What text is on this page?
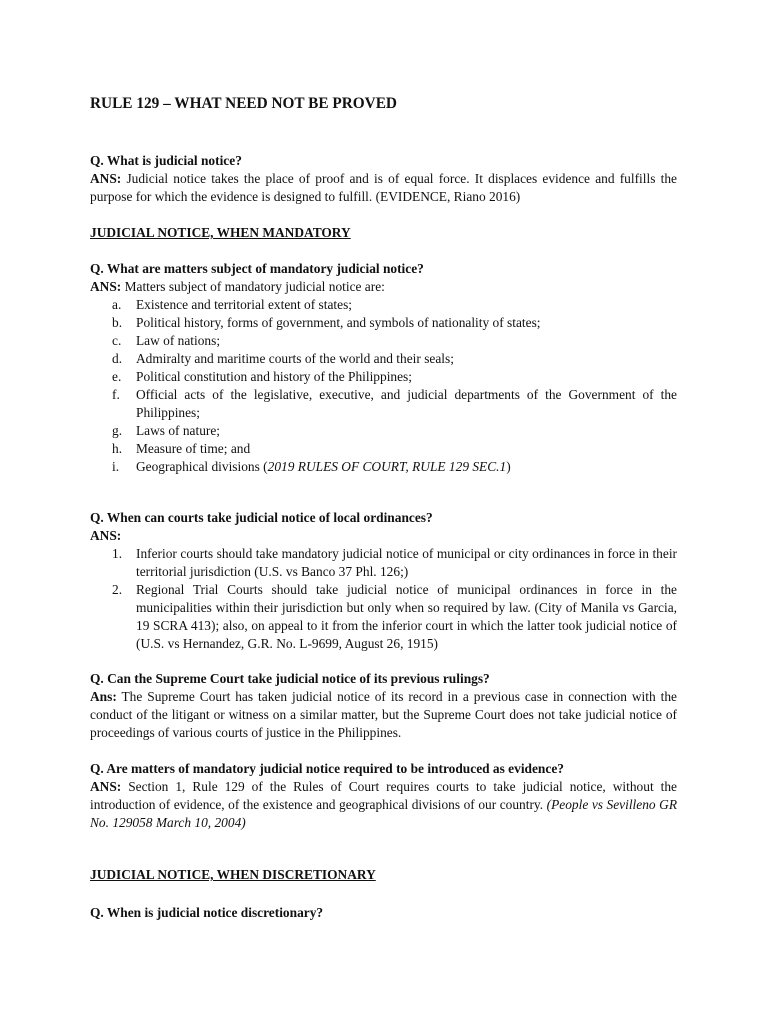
RULE 129 – WHAT NEED NOT BE PROVED
Q. What is judicial notice?
ANS: Judicial notice takes the place of proof and is of equal force. It displaces evidence and fulfills the purpose for which the evidence is designed to fulfill. (EVIDENCE, Riano 2016)
JUDICIAL NOTICE, WHEN MANDATORY
Q. What are matters subject of mandatory judicial notice?
ANS: Matters subject of mandatory judicial notice are:
a. Existence and territorial extent of states;
b. Political history, forms of government, and symbols of nationality of states;
c. Law of nations;
d. Admiralty and maritime courts of the world and their seals;
e. Political constitution and history of the Philippines;
f. Official acts of the legislative, executive, and judicial departments of the Government of the Philippines;
g. Laws of nature;
h. Measure of time; and
i. Geographical divisions (2019 RULES OF COURT, RULE 129 SEC.1)
Q. When can courts take judicial notice of local ordinances?
ANS:
1. Inferior courts should take mandatory judicial notice of municipal or city ordinances in force in their territorial jurisdiction (U.S. vs Banco 37 Phl. 126;)
2. Regional Trial Courts should take judicial notice of municipal ordinances in force in the municipalities within their jurisdiction but only when so required by law. (City of Manila vs Garcia, 19 SCRA 413); also, on appeal to it from the inferior court in which the latter took judicial notice of (U.S. vs Hernandez, G.R. No. L-9699, August 26, 1915)
Q. Can the Supreme Court take judicial notice of its previous rulings?
Ans: The Supreme Court has taken judicial notice of its record in a previous case in connection with the conduct of the litigant or witness on a similar matter, but the Supreme Court does not take judicial notice of proceedings of various courts of justice in the Philippines.
Q. Are matters of mandatory judicial notice required to be introduced as evidence?
ANS: Section 1, Rule 129 of the Rules of Court requires courts to take judicial notice, without the introduction of evidence, of the existence and geographical divisions of our country. (People vs Sevilleno GR No. 129058 March 10, 2004)
JUDICIAL NOTICE, WHEN DISCRETIONARY
Q. When is judicial notice discretionary?
